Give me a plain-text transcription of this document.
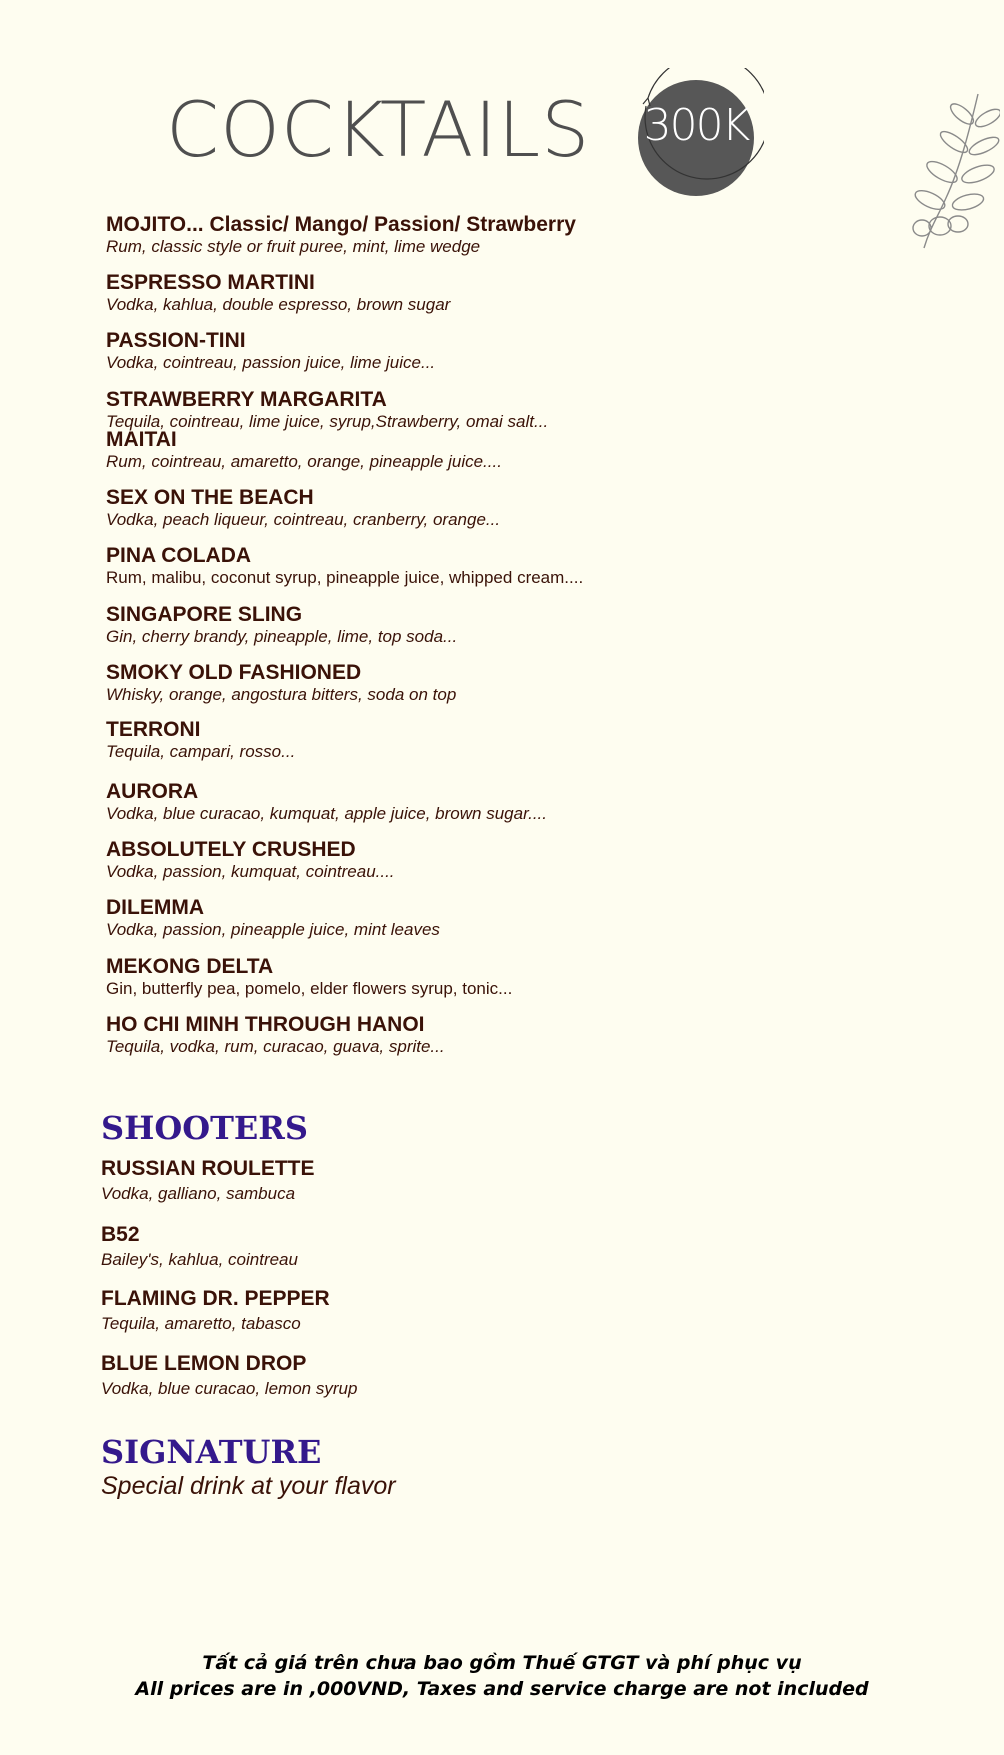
COCKTAILS 300K
MOJITO... Classic/ Mango/ Passion/ Strawberry
Rum, classic style or fruit puree, mint, lime wedge
ESPRESSO MARTINI
Vodka, kahlua, double espresso, brown sugar
PASSION-TINI
Vodka, cointreau, passion juice, lime juice...
STRAWBERRY MARGARITA
Tequila, cointreau, lime juice, syrup,Strawberry, omai salt...
MAITAI
Rum, cointreau, amaretto, orange, pineapple juice....
SEX ON THE BEACH
Vodka, peach liqueur, cointreau, cranberry, orange...
PINA COLADA
Rum, malibu, coconut syrup, pineapple juice, whipped cream....
SINGAPORE SLING
Gin, cherry brandy, pineapple, lime, top soda...
SMOKY OLD FASHIONED
Whisky, orange, angostura bitters, soda on top
TERRONI
Tequila, campari, rosso...
AURORA
Vodka, blue curacao, kumquat, apple juice, brown sugar....
ABSOLUTELY CRUSHED
Vodka, passion, kumquat, cointreau....
DILEMMA
Vodka, passion, pineapple juice, mint leaves
MEKONG DELTA
Gin, butterfly pea, pomelo, elder flowers syrup, tonic...
HO CHI MINH THROUGH HANOI
Tequila, vodka, rum, curacao, guava, sprite...
SHOOTERS
RUSSIAN ROULETTE
Vodka, galliano, sambuca
B52
Bailey's, kahlua, cointreau
FLAMING DR. PEPPER
Tequila, amaretto, tabasco
BLUE LEMON DROP
Vodka, blue curacao, lemon syrup
SIGNATURE
Special drink at your flavor
Tất cả giá trên chưa bao gồm Thuế GTGT và phí phục vụ
All prices are in ,000VND, Taxes and service charge are not included
